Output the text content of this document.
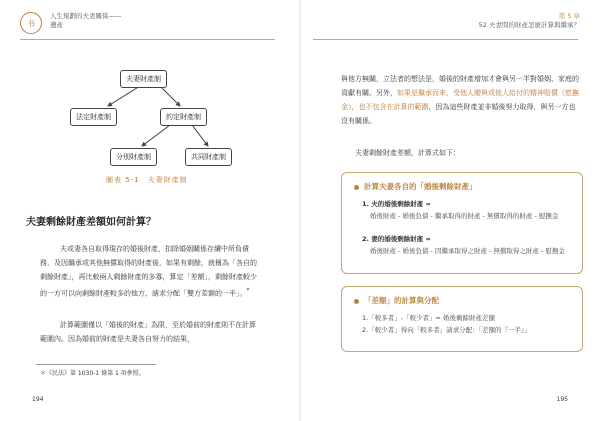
书
人生規劃的夫妻關係——
遺產
夫妻財產制
法定財產制	約定財產制
分別財產制	共同財產制
圖表 5-1　夫妻財產制
夫妻剩餘財產差額如何計算？

夫或妻各自取得現存的婚後財產，扣除婚姻關係存續中所負債務，及因繼承或其他無償取得的財產後，如果有剩餘，就稱為「各自的剩餘財產」，再比較兩人剩餘財產的多寡，算定「差額」，剩餘財產較少的一方可以向剩餘財產較多的他方，請求分配「雙方差額的一半」。*

計算範圍僅以「婚後的財產」為限，至於婚前的財產則不在計算範圍內。因為婚前的財產是夫妻各自努力的結果，

＊《民法》第 1030-1 條第 1 項參照。
194
第 5 章
52 夫妻間的財產怎麼計算與繼承？

與他方無關，立法者的想法是，婚後的財產增加才會與另一半對婚姻、家庭的貢獻有關。另外，如果是繼承而來、受他人贈與或他人給付的精神賠償（慰撫金），也不包含在計算的範圍，因為這些財產並非婚後努力取得，與另一方也沒有關係。

夫妻剩餘財產差額，計算式如下：

計算夫妻各自的「婚後剩餘財產」
1. 夫的婚後剩餘財產 =
婚後財產 - 婚後負債 - 繼承取得的財產 - 無償取得的財產 - 慰撫金
2. 妻的婚後剩餘財產 =
婚後財產 - 婚後負債 - 因繼承取得之財產 - 無償取得之財產 - 慰撫金
「差額」的計算與分配
1.「較多者」-「較少者」= 婚後剩餘財產差額
2.「較少者」得向「較多者」請求分配：「差額的『一半』」
195
